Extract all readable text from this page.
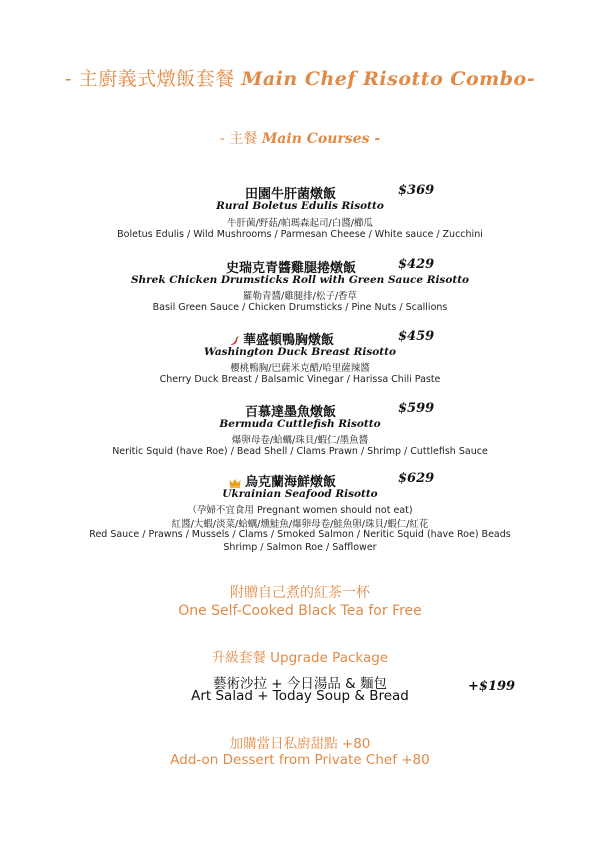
- 主廚義式燉飯套餐 Main Chef Risotto Combo-
- 主餐 Main Courses -
田園牛肝菌燉飯	$369
Rural Boletus Edulis Risotto
牛肝菌/野菇/帕瑪森起司/白醬/櫛瓜
Boletus Edulis / Wild Mushrooms / Parmesan Cheese / White sauce / Zucchini
史瑞克青醬雞腿捲燉飯	$429
Shrek Chicken Drumsticks Roll with Green Sauce Risotto
羅勒青醬/雞腿排/松子/香草
Basil Green Sauce / Chicken Drumsticks / Pine Nuts / Scallions
華盛頓鴨胸燉飯	$459
Washington Duck Breast Risotto
櫻桃鴨胸/巴薩米克醋/哈里薩辣醬
Cherry Duck Breast / Balsamic Vinegar / Harissa Chili Paste
百慕達墨魚燉飯	$599
Bermuda Cuttlefish Risotto
爆卵母卷/蛤蠣/珠貝/蝦仁/墨魚醬
Neritic Squid (have Roe) / Bead Shell / Clams Prawn / Shrimp / Cuttlefish Sauce
烏克蘭海鮮燉飯	$629
Ukrainian Seafood Risotto
（孕婦不宜食用 Pregnant women should not eat)
紅醬/大蝦/淡菜/蛤蠣/燻鮭魚/爆卵母卷/鮭魚卵/珠貝/蝦仁/紅花
Red Sauce / Prawns / Mussels / Clams / Smoked Salmon / Neritic Squid (have Roe) Beads
Shrimp / Salmon Roe / Safflower
附贈自己煮的紅茶一杯
One Self-Cooked Black Tea for Free
升級套餐 Upgrade Package
藝術沙拉 + 今日湯品 & 麵包
Art Salad + Today Soup & Bread
+$199
加購當日私廚甜點 +80
Add-on Dessert from Private Chef +80
